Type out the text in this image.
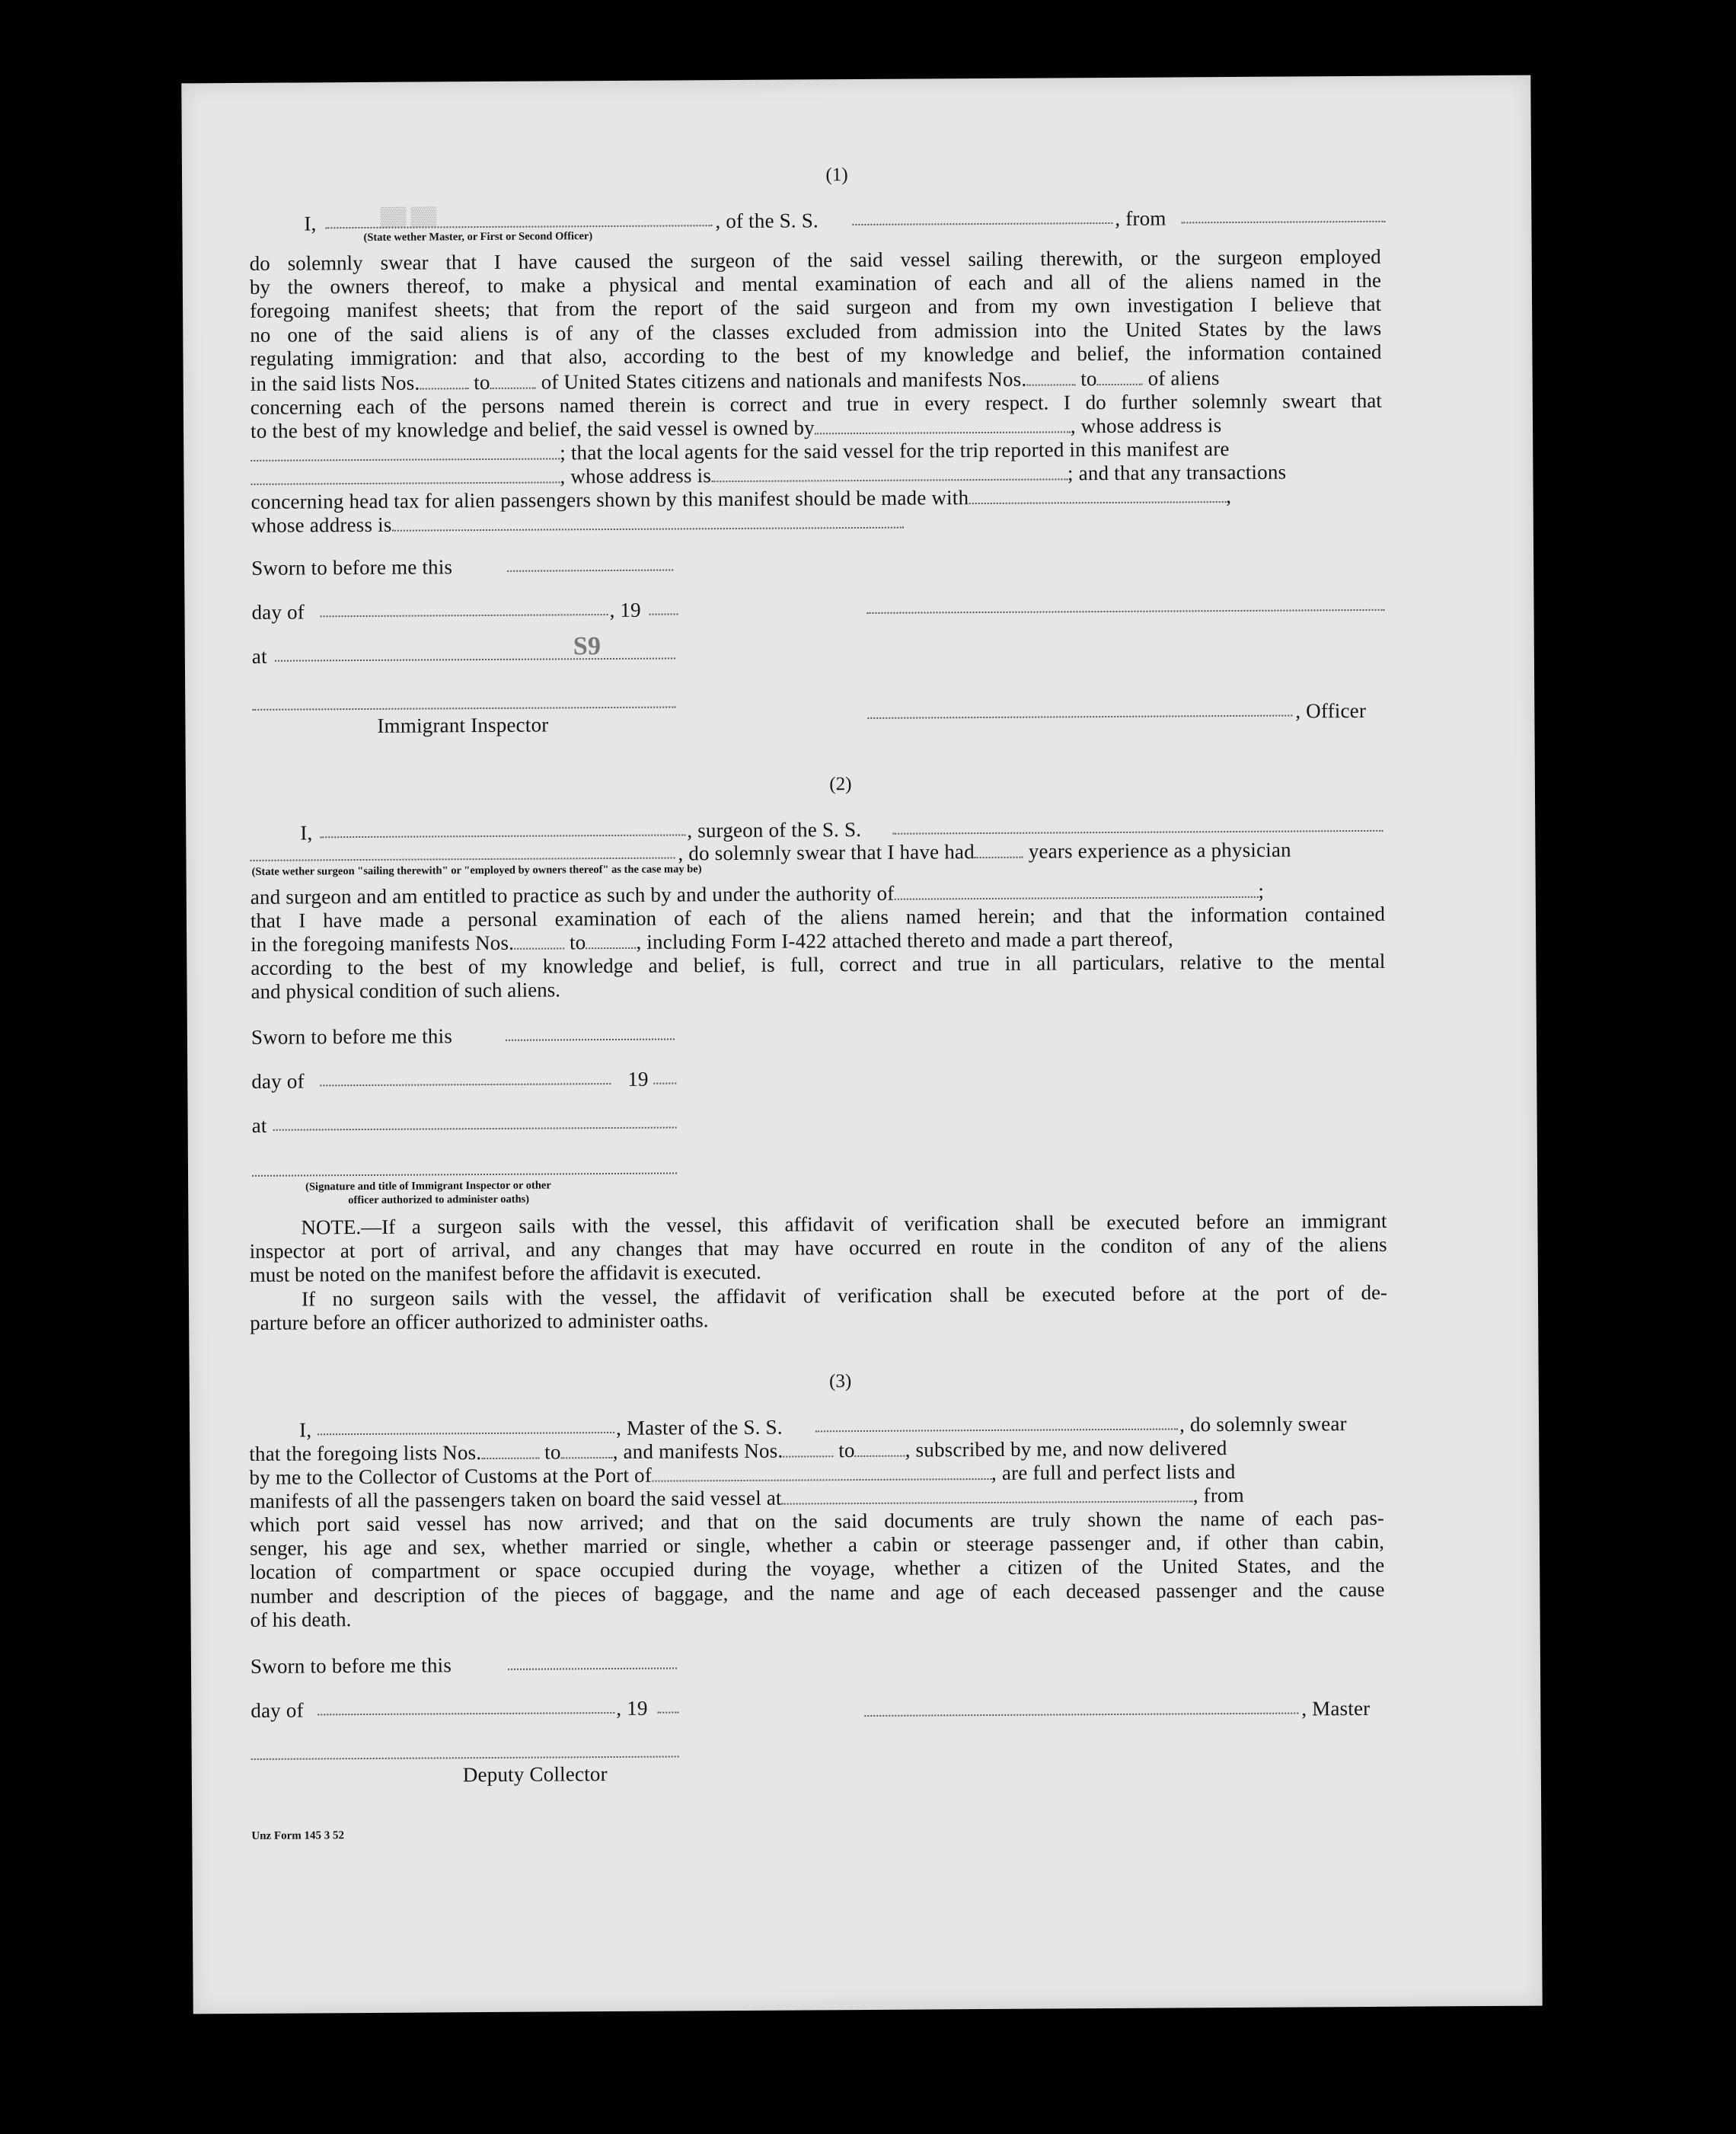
(1)
I,	▒▒ ▒▒	, of the S. S.	, from
(State wether Master, or First or Second Officer)
do solemnly swear that I have caused the surgeon of the said vessel sailing therewith, or the surgeon employed
by the owners thereof, to make a physical and mental examination of each and all of the aliens named in the
foregoing manifest sheets; that from the report of the said surgeon and from my own investigation I believe that
no one of the said aliens is of any of the classes excluded from admission into the United States by the laws
regulating immigration: and that also, according to the best of my knowledge and belief, the information contained
in the said lists Nos.	to of United States citizens and nationals and manifests Nos.	to of aliens
concerning each of the persons named therein is correct and true in every respect. I do further solemnly sweart that
to the best of my knowledge and belief, the said vessel is owned by	, whose address is
; that the local agents for the said vessel for the trip reported in this manifest are
, whose address is	; and that any transactions
concerning head tax for alien passengers shown by this manifest should be made with	,
whose address is
Sworn to before me this
day of	, 19
at	S9
Immigrant Inspector
, Officer
(2)
I,	, surgeon of the S. S.
, do solemnly swear that I have had	years experience as a physician
(State wether surgeon "sailing therewith" or "employed by owners thereof" as the case may be)
and surgeon and am entitled to practice as such by and under the authority of	;
that I have made a personal examination of each of the aliens named herein; and that the information contained
in the foregoing manifests Nos.	to , including Form I-422 attached thereto and made a part thereof,
according to the best of my knowledge and belief, is full, correct and true in all particulars, relative to the mental
and physical condition of such aliens.
Sworn to before me this
day of	19
at
(Signature and title of Immigrant Inspector or other
officer authorized to administer oaths)
NOTE.—If a surgeon sails with the vessel, this affidavit of verification shall be executed before an immigrant
inspector at port of arrival, and any changes that may have occurred en route in the conditon of any of the aliens
must be noted on the manifest before the affidavit is executed.
If no surgeon sails with the vessel, the affidavit of verification shall be executed before at the port of de-
parture before an officer authorized to administer oaths.
(3)
I,	, Master of the S. S.	, do solemnly swear
that the foregoing lists Nos.	to	, and manifests Nos.	to , subscribed by me, and now delivered
by me to the Collector of Customs at the Port of	, are full and perfect lists and
manifests of all the passengers taken on board the said vessel at	, from
which port said vessel has now arrived; and that on the said documents are truly shown the name of each pas-
senger, his age and sex, whether married or single, whether a cabin or steerage passenger and, if other than cabin,
location of compartment or space occupied during the voyage, whether a citizen of the United States, and the
number and description of the pieces of baggage, and the name and age of each deceased passenger and the cause
of his death.
Sworn to before me this
day of	, 19	, Master
Deputy Collector
Unz Form 145 3 52
